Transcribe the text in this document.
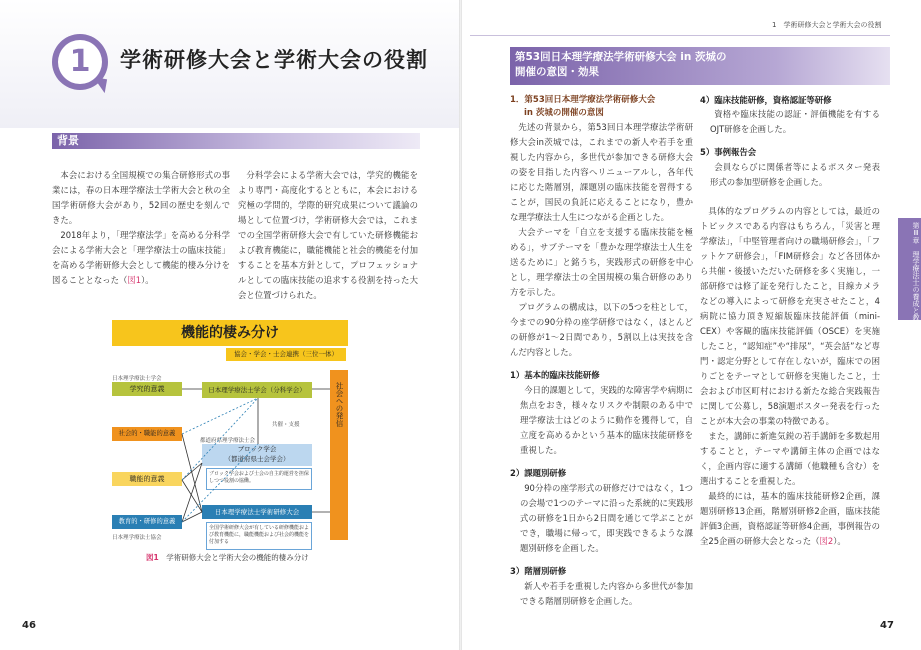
1	学術研修大会と学術大会の役割
背景
本会における全国規模での集合研修形式の事業には，春の日本理学療法士学術大会と秋の全国学術研修大会があり，52回の歴史を刻んできた。
2018年より，「理学療法学」を高める分科学会による学術大会と「理学療法士の臨床技能」を高める学術研修大会として機能的棲み分けを図ることとなった（図1）。
分科学会による学術大会では，学究的機能をより専門・高度化するとともに，本会における究極の学問的，学際的研究成果について議論の場として位置づけ，学術研修大会では，これまでの全国学術研修大会で有していた研修機能および教育機能に，職能機能と社会的機能を付加することを基本方針として，プロフェッショナルとしての臨床技能の追求する役割を持った大会と位置づけられた。
機能的棲み分け
協会・学会・士会連携（三位一体）
日本理学療法士学会
学究的意義
社会的・職能的意義
職能的意義
教育的・研修的意義
日本理学療法士協会
日本理学療法士学会（分科学会）
共催・支援
都道府県理学療法士会
ブロック学会
（都道府県士会学会）
ブロック学会および士会の自主的運営を担保しつつ役割の協働。
日本理学療法士学術研修大会
全国学術研修大会が有している研修機能および教育機能に，職能機能および社会的機能を付加する
社会への発信
図1　 学術研修大会と学術大会の機能的棲み分け
46
1　学術研修大会と学術大会の役割
第53回日本理学療法学術研修大会 in 茨城の
開催の意図・効果
1．第53回日本理学療法学術研修大会
in 茨城の開催の意図
先述の背景から，第53回日本理学療法学術研修大会in茨城では，これまでの新人や若手を重視した内容から，多世代が参加できる研修大会の姿を目指した内容へリニューアルし，各年代に応じた階層別，課題別の臨床技能を習得することが，国民の負託に応えることになり，豊かな理学療法士人生につながる企画とした。
大会テーマを「自立を支援する臨床技能を極める」，サブテーマを「豊かな理学療法士人生を送るために」と銘うち，実践形式の研修を中心とし，理学療法士の全国規模の集合研修のあり方を示した。
プログラムの構成は，以下の5つを柱として，今までの90分枠の座学研修ではなく，ほとんどの研修が1～2日間であり，5割以上は実技を含んだ内容とした。
1）基本的臨床技能研修
今日的課題として，実践的な障害学や病期に焦点をおき，様々なリスクや制限のある中で理学療法士はどのように動作を獲得して，自立度を高めるかという基本的臨床技能研修を重視した。
2）課題別研修
90分枠の座学形式の研修だけではなく，1つの会場で1つのテーマに沿った系統的に実践形式の研修を1日から2日間を通じて学ぶことができ，職場に帰って，即実践できるような課題別研修を企画した。
3）階層別研修
新人や若手を重視した内容から多世代が参加できる階層別研修を企画した。
4）臨床技能研修，資格認証等研修
資格や臨床技能の認証・評価機能を有するOJT研修を企画した。
5）事例報告会
会員ならびに関係者等によるポスター発表形式の参加型研修を企画した。
具体的なプログラムの内容としては，最近のトピックスである内容はもちろん，「災害と理学療法」，「中堅管理者向けの職場研修会」，「フットケア研修会」，「FIM研修会」など各団体から共催・後援いただいた研修を多く実施し，一部研修では修了証を発行したこと，目線カメラなどの導入によって研修を充実させたこと，4病院に協力頂き短縮版臨床技能評価（mini-CEX）や客観的臨床技能評価（OSCE）を実施したこと，“認知症”や“排尿”，“英会話”など専門・認定分野として存在しないが，臨床での困りごとをテーマとして研修を実施したこと，士会および市区町村における新たな総合実践報告に関して公募し，58演題ポスター発表を行ったことが本大会の事業の特徴である。
また，講師に新進気鋭の若手講師を多数起用することと，テーマや講師主体の企画ではなく，企画内容に適する講師（他職種も含む）を選出することを重視した。
最終的には，基本的臨床技能研修2企画，課題別研修13企画，階層別研修2企画，臨床技能評価3企画，資格認証等研修4企画，事例報告の全25企画の研修大会となった（図2）。
第Ⅲ章　理学療法士の養成と教育
47
